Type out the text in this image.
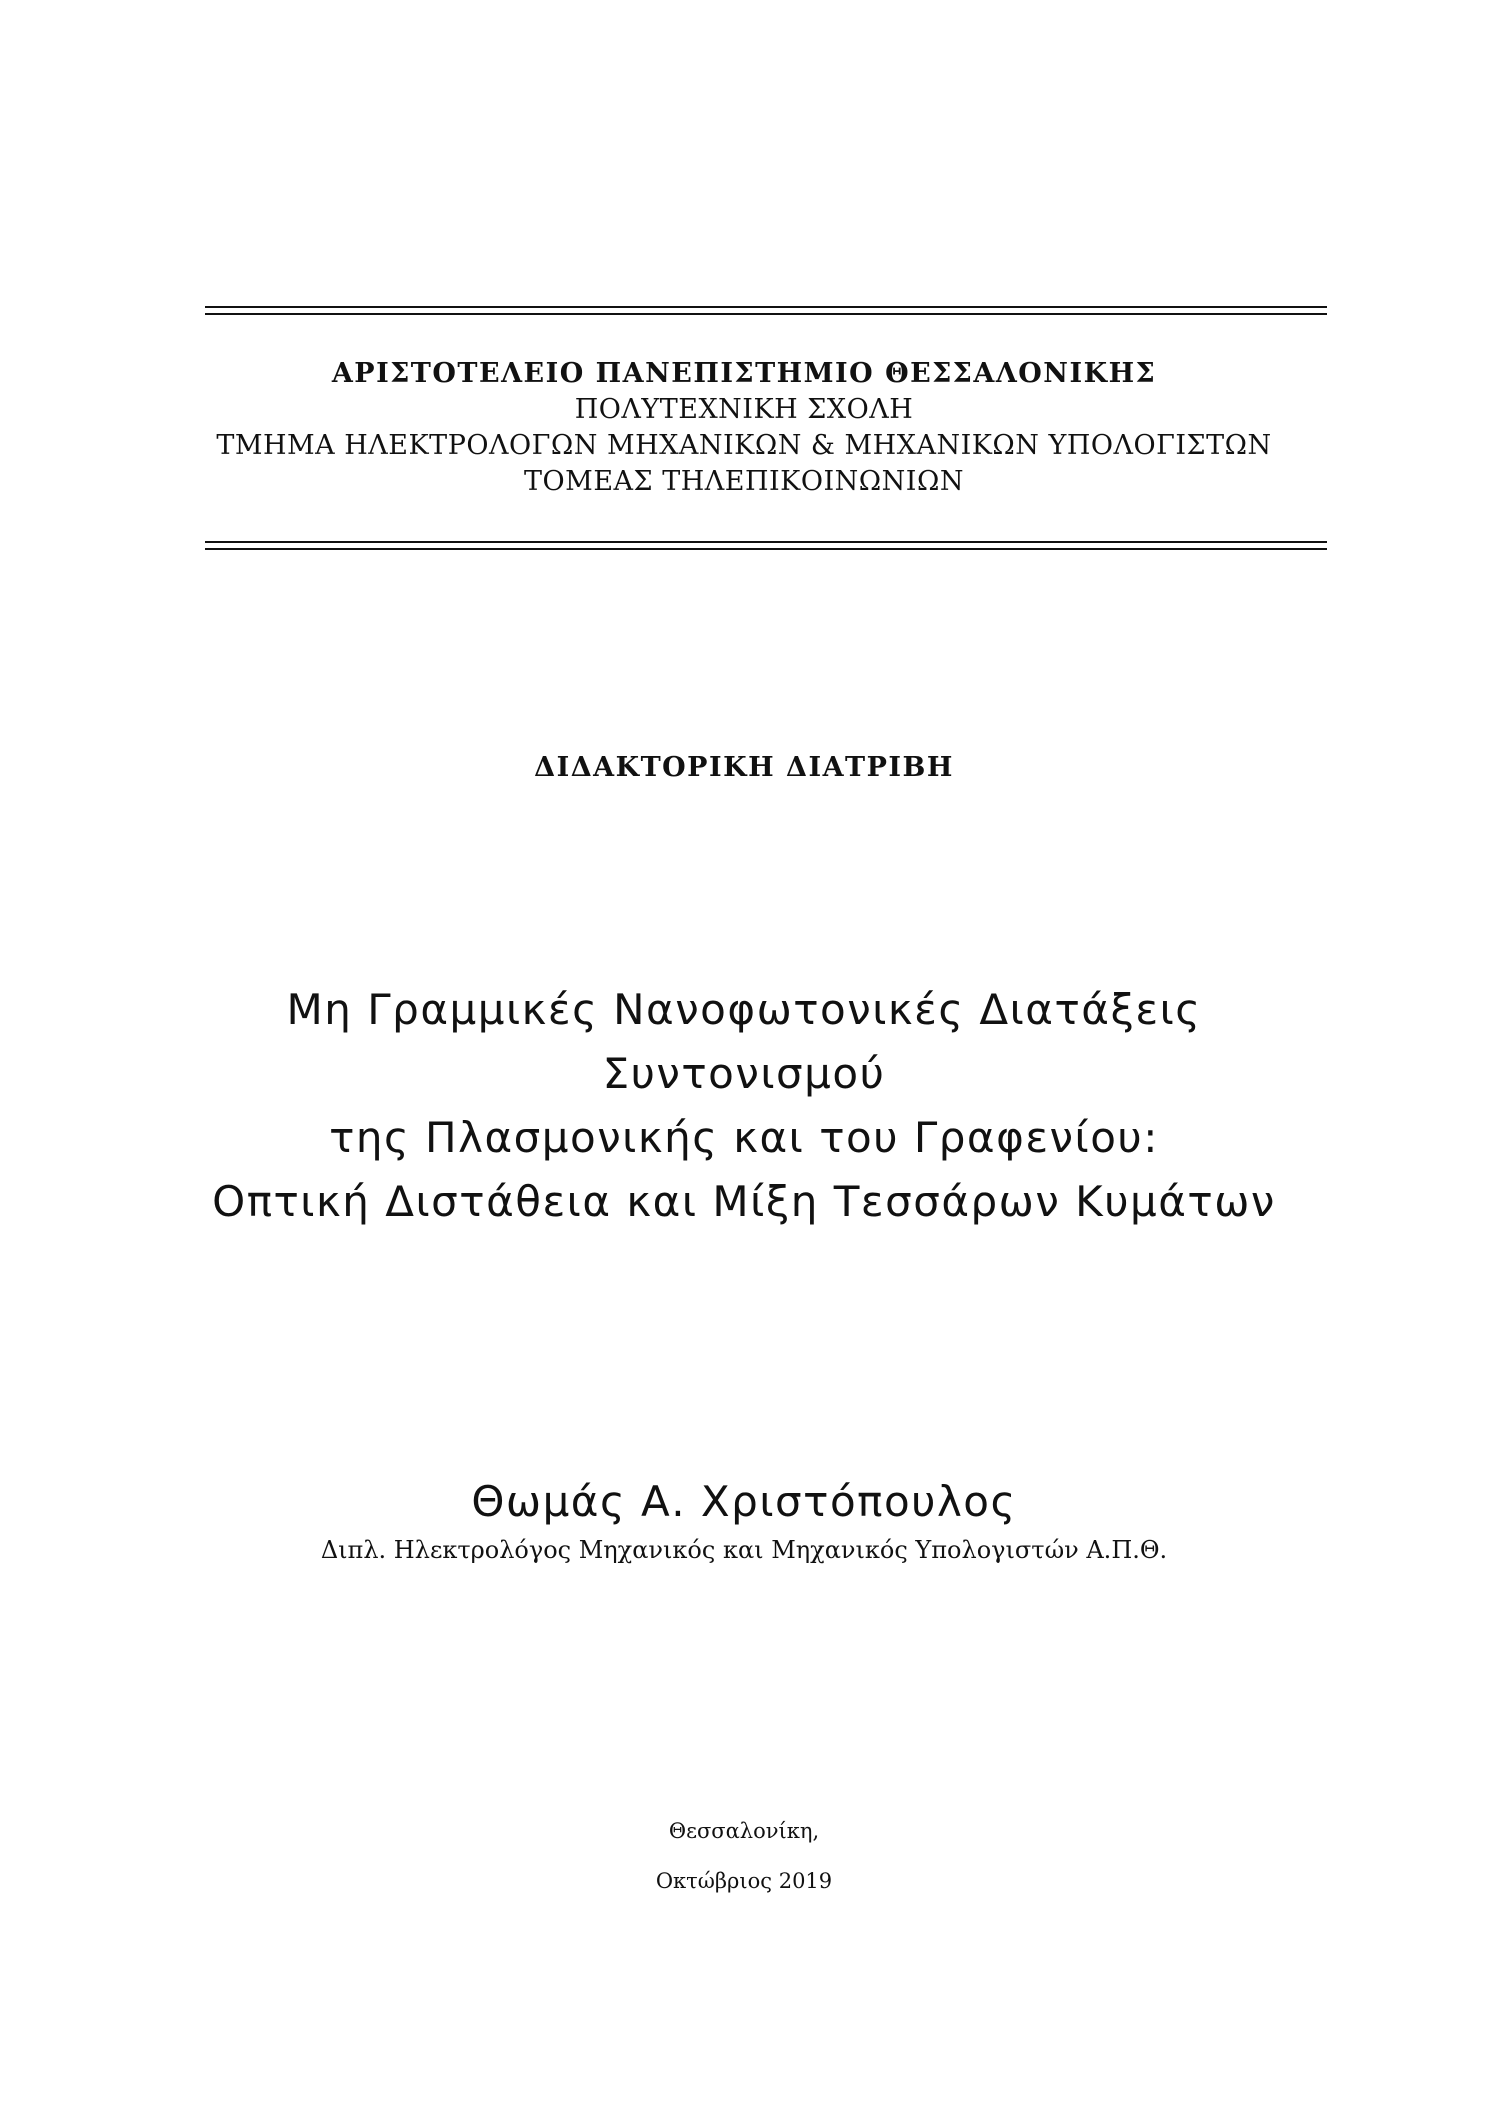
ΑΡΙΣΤΟΤΕΛΕΙΟ ΠΑΝΕΠΙΣΤΗΜΙΟ ΘΕΣΣΑΛΟΝΙΚΗΣ
ΠΟΛΥΤΕΧΝΙΚΗ ΣΧΟΛΗ
ΤΜΗΜΑ ΗΛΕΚΤΡΟΛΟΓΩΝ ΜΗΧΑΝΙΚΩΝ & ΜΗΧΑΝΙΚΩΝ ΥΠΟΛΟΓΙΣΤΩΝ
ΤΟΜΕΑΣ ΤΗΛΕΠΙΚΟΙΝΩΝΙΩΝ
ΔΙΔΑΚΤΟΡΙΚΗ ΔΙΑΤΡΙΒΗ
Μη Γραμμικές Νανοφωτονικές Διατάξεις
Συντονισμού
της Πλασμονικής και του Γραφενίου:
Οπτική Διστάθεια και Μίξη Τεσσάρων Κυμάτων
Θωμάς Α. Χριστόπουλος
Διπλ. Ηλεκτρολόγος Μηχανικός και Μηχανικός Υπολογιστών Α.Π.Θ.
Θεσσαλονίκη,
Οκτώβριος 2019
